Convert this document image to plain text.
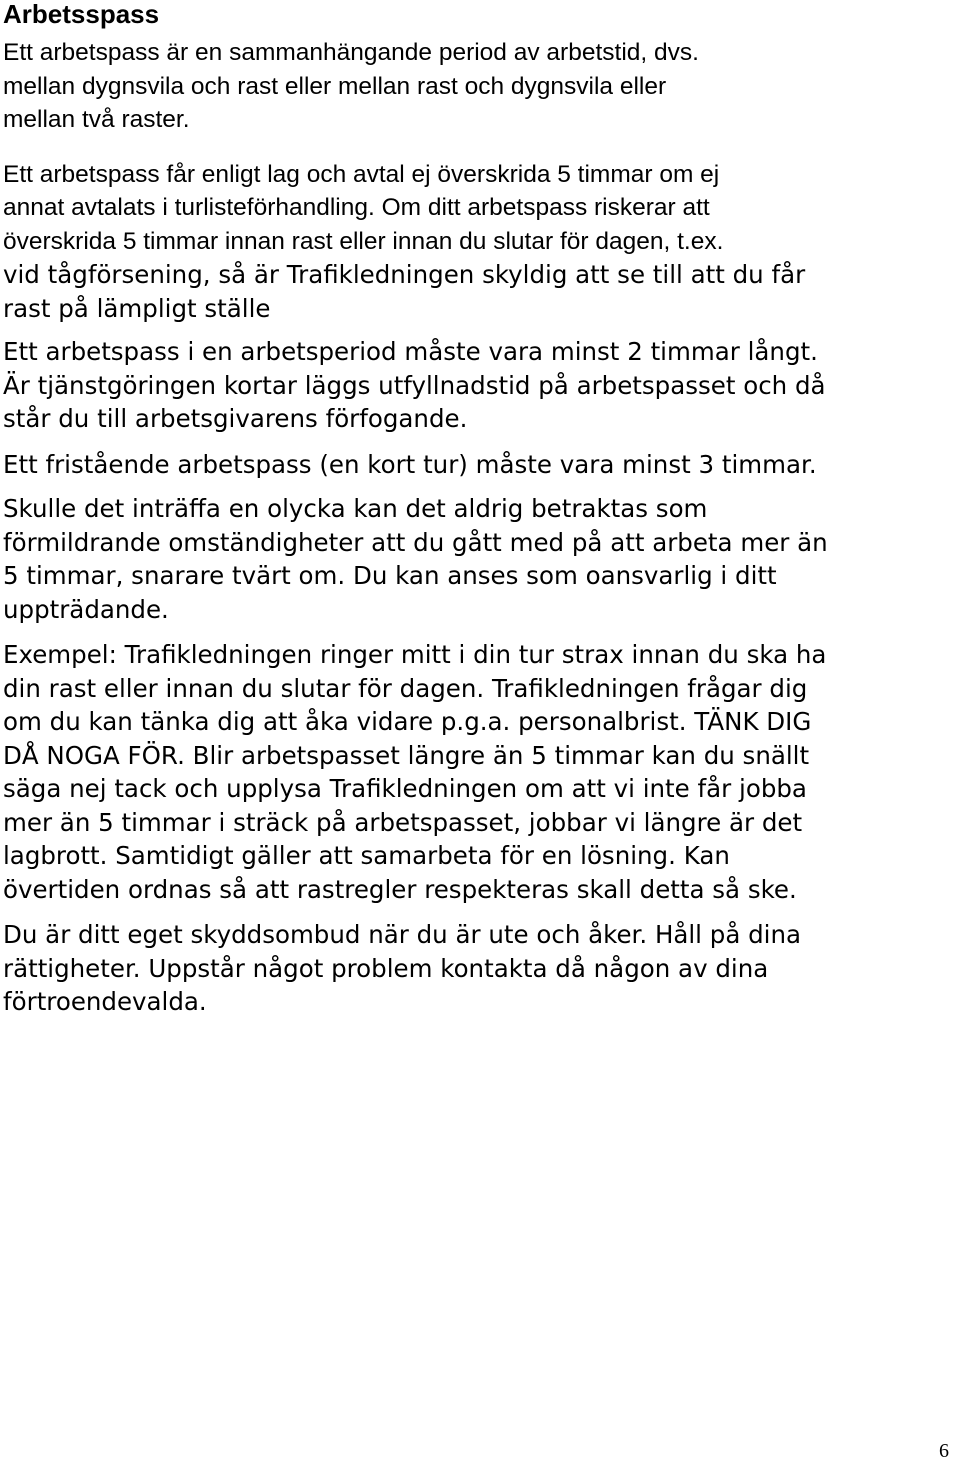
Arbetsspass

Ett arbetspass är en sammanhängande period av arbetstid, dvs.
mellan dygnsvila och rast eller mellan rast och dygnsvila eller
mellan två raster.

Ett arbetspass får enligt lag och avtal ej överskrida 5 timmar om ej
annat avtalats i turlisteförhandling. Om ditt arbetspass riskerar att
överskrida 5 timmar innan rast eller innan du slutar för dagen, t.ex.

vid tågförsening, så är Trafikledningen skyldig att se till att du får
rast på lämpligt ställe

Ett arbetspass i en arbetsperiod måste vara minst 2 timmar långt.
Är tjänstgöringen kortar läggs utfyllnadstid på arbetspasset och då
står du till arbetsgivarens förfogande.

Ett fristående arbetspass (en kort tur) måste vara minst 3 timmar.

Skulle det inträffa en olycka kan det aldrig betraktas som
förmildrande omständigheter att du gått med på att arbeta mer än
5 timmar, snarare tvärt om. Du kan anses som oansvarlig i ditt
uppträdande.

Exempel: Trafikledningen ringer mitt i din tur strax innan du ska ha
din rast eller innan du slutar för dagen. Trafikledningen frågar dig
om du kan tänka dig att åka vidare p.g.a. personalbrist. TÄNK DIG
DÅ NOGA FÖR. Blir arbetspasset längre än 5 timmar kan du snällt
säga nej tack och upplysa Trafikledningen om att vi inte får jobba
mer än 5 timmar i sträck på arbetspasset, jobbar vi längre är det
lagbrott. Samtidigt gäller att samarbeta för en lösning. Kan
övertiden ordnas så att rastregler respekteras skall detta så ske.

Du är ditt eget skyddsombud när du är ute och åker. Håll på dina
rättigheter. Uppstår något problem kontakta då någon av dina
förtroendevalda.

6
